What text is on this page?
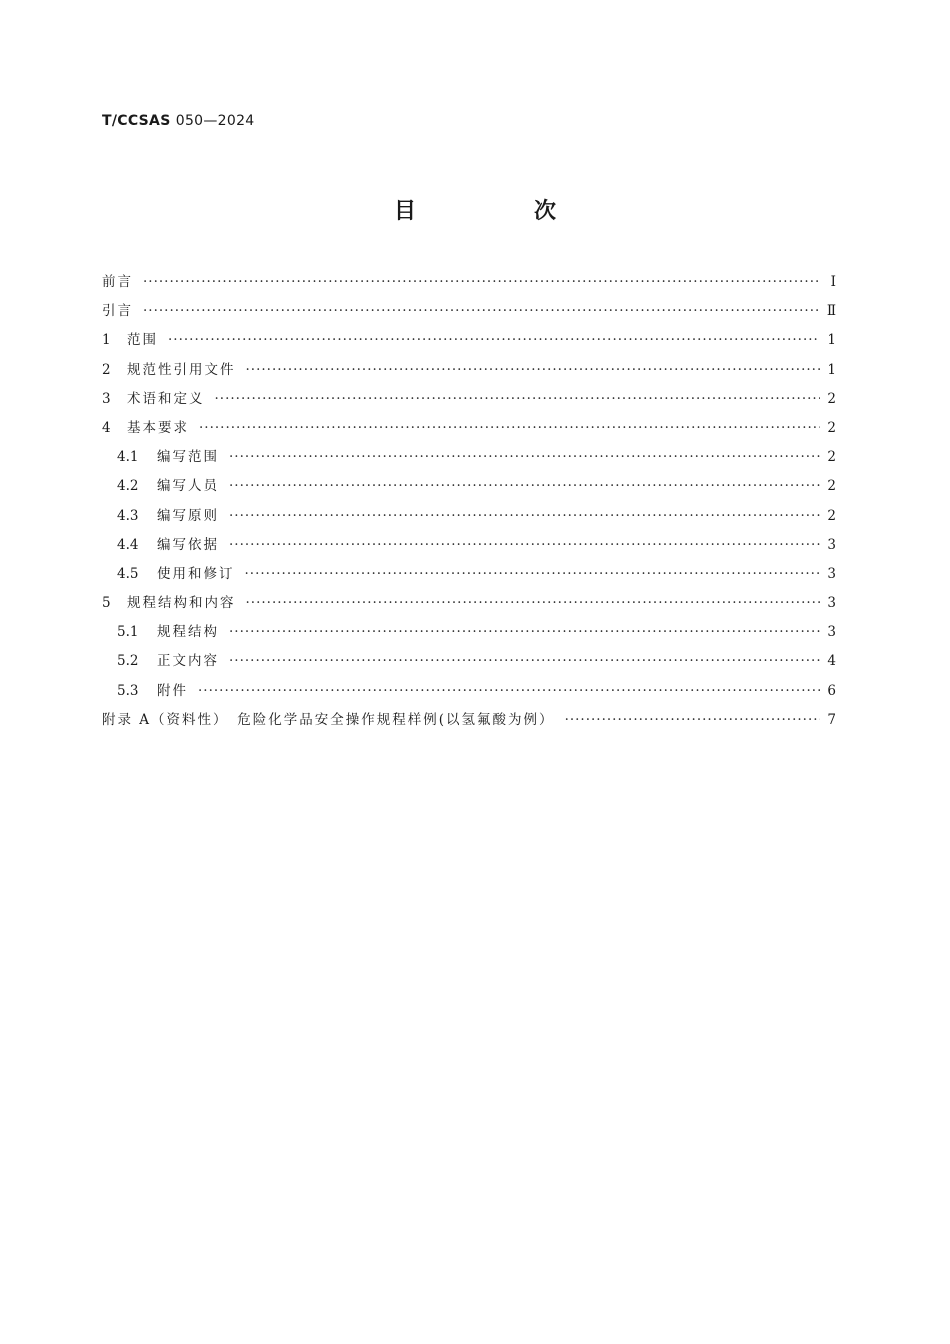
T/CCSAS 050—2024
目　次
前言 ·····	Ⅰ
引言 ·····	Ⅱ
1	范围 ·····	1
2	规范性引用文件 ·····	1
3	术语和定义 ·····	2
4	基本要求 ·····	2
4.1	编写范围 ·····	2
4.2	编写人员 ·····	2
4.3	编写原则 ·····	2
4.4	编写依据 ·····	3
4.5	使用和修订 ·····	3
5	规程结构和内容 ·····	3
5.1	规程结构 ·····	3
5.2	正文内容 ·····	4
5.3	附件 ·····	6
附录 A（资料性）　危险化学品安全操作规程样例(以氢氟酸为例） ·····	7
